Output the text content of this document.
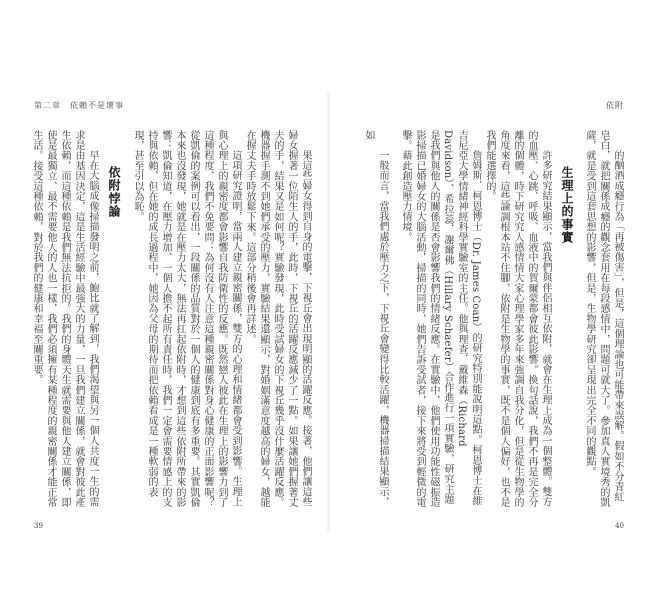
第二章　依賴不是壞事

果這些婦女得到自身的電擊，下視丘會出現明顯的活躍反應。接著，他們讓這些婦女握著一位陌生人的手，此時，下視丘的活躍反應減少了一點。如果讓她們握著丈夫的手，結果又是如何呢？實驗發現，此時受試婦女的下視丘幾乎沒什麼活躍反應。機器握手測不到她們承受的壓力，實驗結果還顯示，對婚姻滿意度越高的婦女，越能在握丈夫手時放鬆下來。這部分稍後會再詳述。

這項研究證明，當兩人建立親密關係，雙方的心理和情緒都會受到影響。生理上與心理上的親密度都會影響自我防衛性的反應。既然戀人彼此在生理上的影響力到了這種程度，我們不免要問：為何沒有人注意這種親密關係對身心健康的正面影響呢？從凱倫的案例可以看出，一段關係的品質對於一個人的健康到底有多重要。其實凱倫本來也沒發現，她就是在壓力太大，無法再扛起依附時，才想到這些依附所帶來的影響：凱倫知道，在壓力增加、一個人擔不起所有責任時，我們一定會需要情感上的支持與依賴，但在她的成長過程中，她因為父母的期待而把依賴看成是一種軟弱的表現，甚至引以為恥。

依附悖論

早在大腦成像掃描發明之前，鮑比就了解到，我們渴望與另一個人共度一生的需求是由基因決定，這是生活經驗中最強大的力量，一旦我們建立關係，就會對彼此產生依賴，而這種依賴是我們無法抗拒的。我們的身體天生就需要與他人建立關係，即使是最獨立、最不需要他人的人也一樣，我們必須擁有某種程度的親密關係才能正常生活。接受這種依賴，對於我們的健康和幸福至關重要。

39
依附

的酗酒成癮行為「再被傷害」，但是，這個理論也可能帶來誤解。假如不分青紅皂白，就把關係成癮的觀念套用在每段感情中，問題可就大了。參加真人實境秀的凱薩，就是受到這套思想的影響，但是，生物學研究卻呈現出完全不同的觀點。

生理上的事實

許多研究結果顯示，當我們與伴侶相互依附，就會在生理上成為一個整體。雙方的血壓、心跳、呼吸、血液中的賀爾蒙都會彼此影響。換句話說，我們不再是完全分離的個體，時下研究究人感情情大家心理學家多年來強調自我分化，但是從生物學的角度來看，這些論調根本站不住腳，依附是生物學的事實，既不是個人偏好，也不是我們能選擇的。

詹姆斯．柯恩博士（Dr. James Coan）的研究特別能說明這點。柯恩博士在維吉尼亞大學情緒神經科學實驗室的主任。他與理查．戴維森（Richard Davidson）、希拉蕊．謝爾佛（Hillary Schaefer）合作進行一項實驗，研究主題是我們與他人的關係是否會影響我們的情緒反應。在實驗中，他們使用功能性磁振造影掃描已婚婦女的大腦活動，掃描的同時，她們告訴受試者，接下來將受到輕微的電擊。藉此創造壓力情境。

一般而言，當我們處於壓力之下，下視丘會變得比較活躍，機器掃描結果顯示，如

40
